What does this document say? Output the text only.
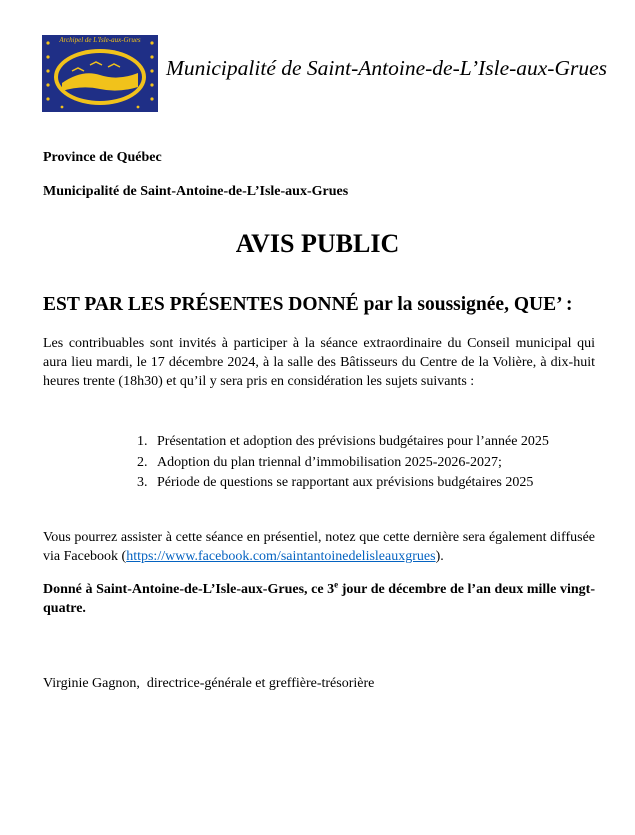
Archipel de L'Isle-aux-Grues
Municipalité de Saint-Antoine-de-L’Isle-aux-Grues
Province de Québec
Municipalité de Saint-Antoine-de-L’Isle-aux-Grues
AVIS PUBLIC
EST PAR LES PRÉSENTES DONNÉ par la soussignée, QUE’ :
Les contribuables sont invités à participer à la séance extraordinaire du Conseil municipal qui aura lieu mardi, le 17 décembre 2024, à la salle des Bâtisseurs du Centre de la Volière, à dix-huit heures trente (18h30) et qu’il y sera pris en considération les sujets suivants :
1. Présentation et adoption des prévisions budgétaires pour l’année 2025
2. Adoption du plan triennal d’immobilisation 2025-2026-2027;
3. Période de questions se rapportant aux prévisions budgétaires 2025
Vous pourrez assister à cette séance en présentiel, notez que cette dernière sera également diffusée via Facebook (https://www.facebook.com/saintantoinedelisleauxgrues).
Donné à Saint-Antoine-de-L’Isle-aux-Grues, ce 3e jour de décembre de l’an deux mille vingt-quatre.
Virginie Gagnon,  directrice-générale et greffière-trésorière
